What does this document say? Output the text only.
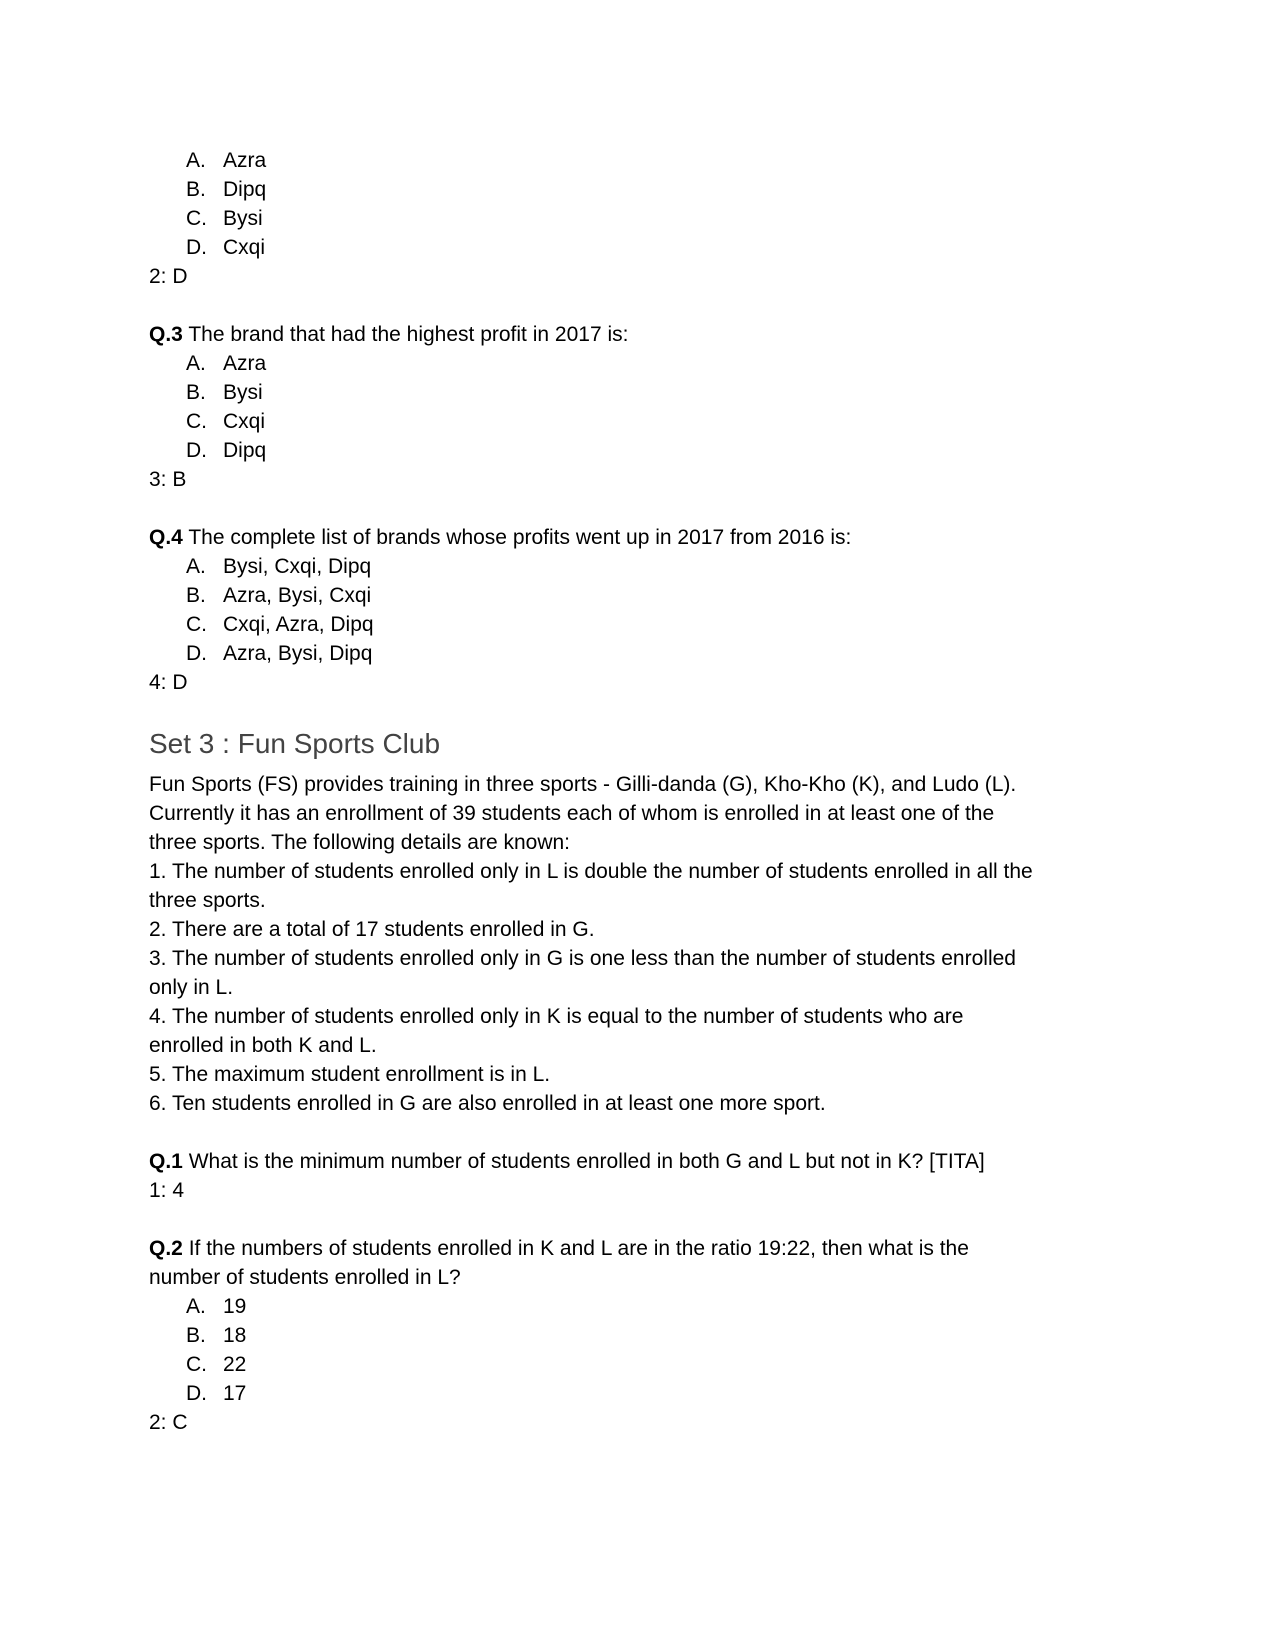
A. Azra
B. Dipq
C. Bysi
D. Cxqi
2: D
Q.3 The brand that had the highest profit in 2017 is:
A. Azra
B. Bysi
C. Cxqi
D. Dipq
3: B
Q.4 The complete list of brands whose profits went up in 2017 from 2016 is:
A. Bysi, Cxqi, Dipq
B. Azra, Bysi, Cxqi
C. Cxqi, Azra, Dipq
D. Azra, Bysi, Dipq
4: D
Set 3 : Fun Sports Club
Fun Sports (FS) provides training in three sports - Gilli-danda (G), Kho-Kho (K), and Ludo (L).
Currently it has an enrollment of 39 students each of whom is enrolled in at least one of the
three sports. The following details are known:
1. The number of students enrolled only in L is double the number of students enrolled in all the
three sports.
2. There are a total of 17 students enrolled in G.
3. The number of students enrolled only in G is one less than the number of students enrolled
only in L.
4. The number of students enrolled only in K is equal to the number of students who are
enrolled in both K and L.
5. The maximum student enrollment is in L.
6. Ten students enrolled in G are also enrolled in at least one more sport.
Q.1 What is the minimum number of students enrolled in both G and L but not in K? [TITA]
1: 4
Q.2 If the numbers of students enrolled in K and L are in the ratio 19:22, then what is the
number of students enrolled in L?
A. 19
B. 18
C. 22
D. 17
2: C
